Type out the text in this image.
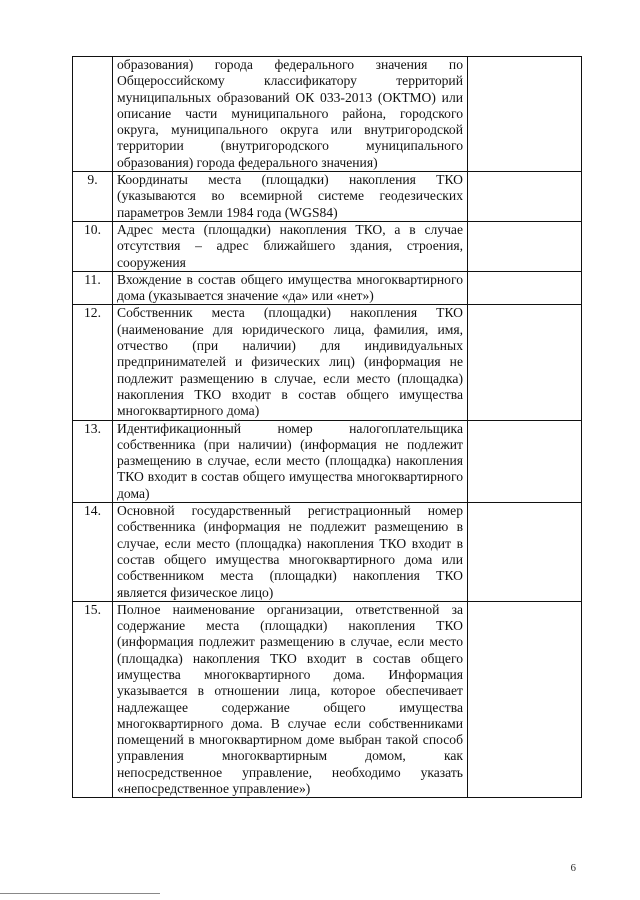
	образования) города федерального значения по Общероссийскому классификатору территорий муниципальных образований ОК 033-2013 (ОКТМО) или описание части муниципального района, городского округа, муниципального округа или внутригородской территории (внутригородского муниципального образования) города федерального значения)	
9.	Координаты места (площадки) накопления ТКО (указываются во всемирной системе геодезических параметров Земли 1984 года (WGS84)	
10.	Адрес места (площадки) накопления ТКО, а в случае отсутствия – адрес ближайшего здания, строения, сооружения	
11.	Вхождение в состав общего имущества многоквартирного дома (указывается значение «да» или «нет»)	
12.	Собственник места (площадки) накопления ТКО (наименование для юридического лица, фамилия, имя, отчество (при наличии) для индивидуальных предпринимателей и физических лиц) (информация не подлежит размещению в случае, если место (площадка) накопления ТКО входит в состав общего имущества многоквартирного дома)	
13.	Идентификационный номер налогоплательщика собственника (при наличии) (информация не подлежит размещению в случае, если место (площадка) накопления ТКО входит в состав общего имущества многоквартирного дома)	
14.	Основной государственный регистрационный номер собственника (информация не подлежит размещению в случае, если место (площадка) накопления ТКО входит в состав общего имущества многоквартирного дома или собственником места (площадки) накопления ТКО является физическое лицо)	
15.	Полное наименование организации, ответственной за содержание места (площадки) накопления ТКО (информация подлежит размещению в случае, если место (площадка) накопления ТКО входит в состав общего имущества многоквартирного дома. Информация указывается в отношении лица, которое обеспечивает надлежащее содержание общего имущества многоквартирного дома. В случае если собственниками помещений в многоквартирном доме выбран такой способ управления многоквартирным домом, как непосредственное управление, необходимо указать «непосредственное управление»)	
6
